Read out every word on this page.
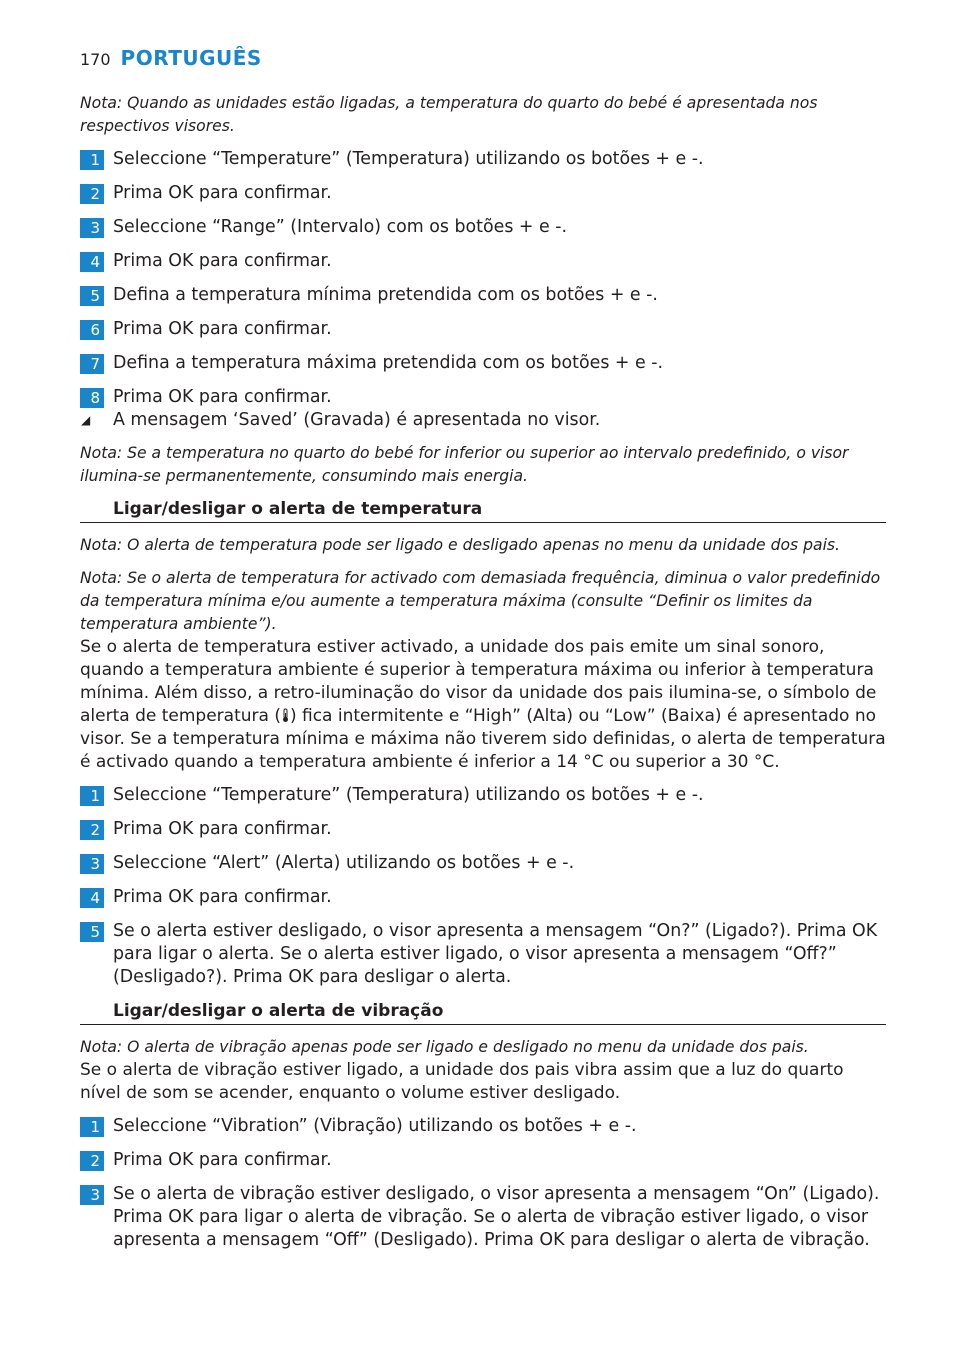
170 PORTUGUÊS

Nota: Quando as unidades estão ligadas, a temperatura do quarto do bebé é apresentada nos respectivos visores.

1 Seleccione “Temperature” (Temperatura) utilizando os botões + e -.
2 Prima OK para confirmar.
3 Seleccione “Range” (Intervalo) com os botões + e -.
4 Prima OK para confirmar.
5 Defina a temperatura mínima pretendida com os botões + e -.
6 Prima OK para confirmar.
7 Defina a temperatura máxima pretendida com os botões + e -.
8 Prima OK para confirmar.
◢	A mensagem ‘Saved’ (Gravada) é apresentada no visor.

Nota: Se a temperatura no quarto do bebé for inferior ou superior ao intervalo predefinido, o visor ilumina-se permanentemente, consumindo mais energia.

Ligar/desligar o alerta de temperatura

Nota: O alerta de temperatura pode ser ligado e desligado apenas no menu da unidade dos pais.

Nota: Se o alerta de temperatura for activado com demasiada frequência, diminua o valor predefinido da temperatura mínima e/ou aumente a temperatura máxima (consulte “Definir os limites da temperatura ambiente”).

Se o alerta de temperatura estiver activado, a unidade dos pais emite um sinal sonoro, quando a temperatura ambiente é superior à temperatura máxima ou inferior à temperatura mínima. Além disso, a retro-iluminação do visor da unidade dos pais ilumina-se, o símbolo de alerta de temperatura ( ) fica intermitente e “High” (Alta) ou “Low” (Baixa) é apresentado no visor. Se a temperatura mínima e máxima não tiverem sido definidas, o alerta de temperatura é activado quando a temperatura ambiente é inferior a 14 °C ou superior a 30 °C.

1 Seleccione “Temperature” (Temperatura) utilizando os botões + e -.
2 Prima OK para confirmar.
3 Seleccione “Alert” (Alerta) utilizando os botões + e -.
4 Prima OK para confirmar.
5 Se o alerta estiver desligado, o visor apresenta a mensagem “On?” (Ligado?). Prima OK para ligar o alerta. Se o alerta estiver ligado, o visor apresenta a mensagem “Off?” (Desligado?). Prima OK para desligar o alerta.
Ligar/desligar o alerta de vibração

Nota: O alerta de vibração apenas pode ser ligado e desligado no menu da unidade dos pais.

Se o alerta de vibração estiver ligado, a unidade dos pais vibra assim que a luz do quarto nível de som se acender, enquanto o volume estiver desligado.

1 Seleccione “Vibration” (Vibração) utilizando os botões + e -.
2 Prima OK para confirmar.
3 Se o alerta de vibração estiver desligado, o visor apresenta a mensagem “On” (Ligado). Prima OK para ligar o alerta de vibração. Se o alerta de vibração estiver ligado, o visor apresenta a mensagem “Off” (Desligado). Prima OK para desligar o alerta de vibração.
